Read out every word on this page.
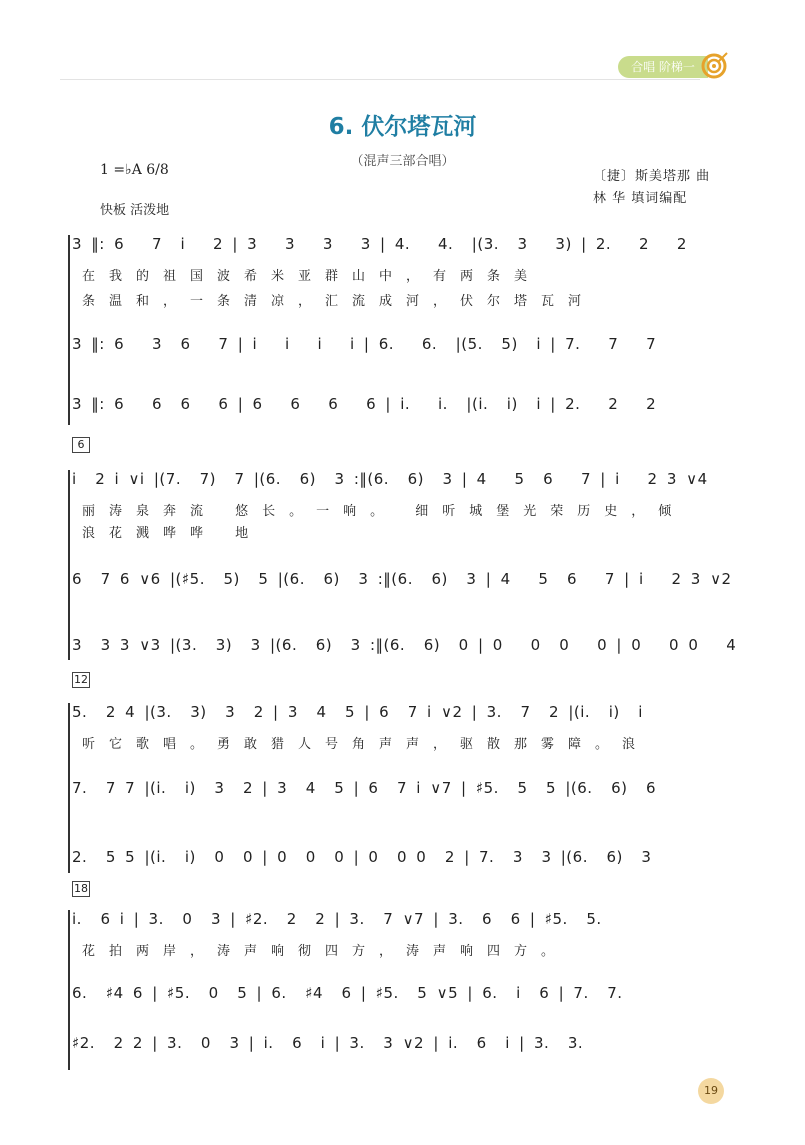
合唱 阶梯一
6. 伏尔塔瓦河
（混声三部合唱）
1 =♭A 6/8
快板 活泼地
〔捷〕斯美塔那 曲
林 华 填词编配
3 ‖: 6   7  i   2 | 3   3   3   3 | 4.   4.  |(3.  3   3) | 2.   2   2
在我的祖国波希米亚群山中，有两条美
条温和，一条清凉，汇流成河，伏尔塔瓦河
3 ‖: 6   3  6   7 | i   i   i   i | 6.   6.  |(5.  5)  i | 7.   7   7
3 ‖: 6   6  6   6 | 6   6   6   6 | i.   i.  |(i.  i)  i | 2.   2   2
6
i  2 i ∨i |(7.  7)  7 |(6.  6)  3 :‖(6.  6)  3 | 4   5  6   7 | i   2 3 ∨4
丽涛泉奔流 悠长。一响。 细听城堡光荣历史，倾
浪花溅哗哗 地
6  7 6 ∨6 |(♯5.  5)  5 |(6.  6)  3 :‖(6.  6)  3 | 4   5  6   7 | i   2 3 ∨2
3  3 3 ∨3 |(3.  3)  3 |(6.  6)  3 :‖(6.  6)  0 | 0   0  0   0 | 0   0 0   4
12
5.  2 4 |(3.  3)  3  2 | 3  4  5 | 6  7 i ∨2 | 3.  7  2 |(i.  i)  i
听它歌唱。勇敢猎人号角声声，驱散那雾障。浪
7.  7 7 |(i.  i)  3  2 | 3  4  5 | 6  7 i ∨7 | ♯5.  5  5 |(6.  6)  6
2.  5 5 |(i.  i)  0  0 | 0  0  0 | 0  0 0  2 | 7.  3  3 |(6.  6)  3
18
i.  6 i | 3.  0  3 | ♯2.  2  2 | 3.  7 ∨7 | 3.  6  6 | ♯5.  5.
花拍两岸，涛声响彻四方，涛声响四方。
6.  ♯4 6 | ♯5.  0  5 | 6.  ♯4  6 | ♯5.  5 ∨5 | 6.  i  6 | 7.  7.
♯2.  2 2 | 3.  0  3 | i.  6  i | 3.  3 ∨2 | i.  6  i | 3.  3.
19
